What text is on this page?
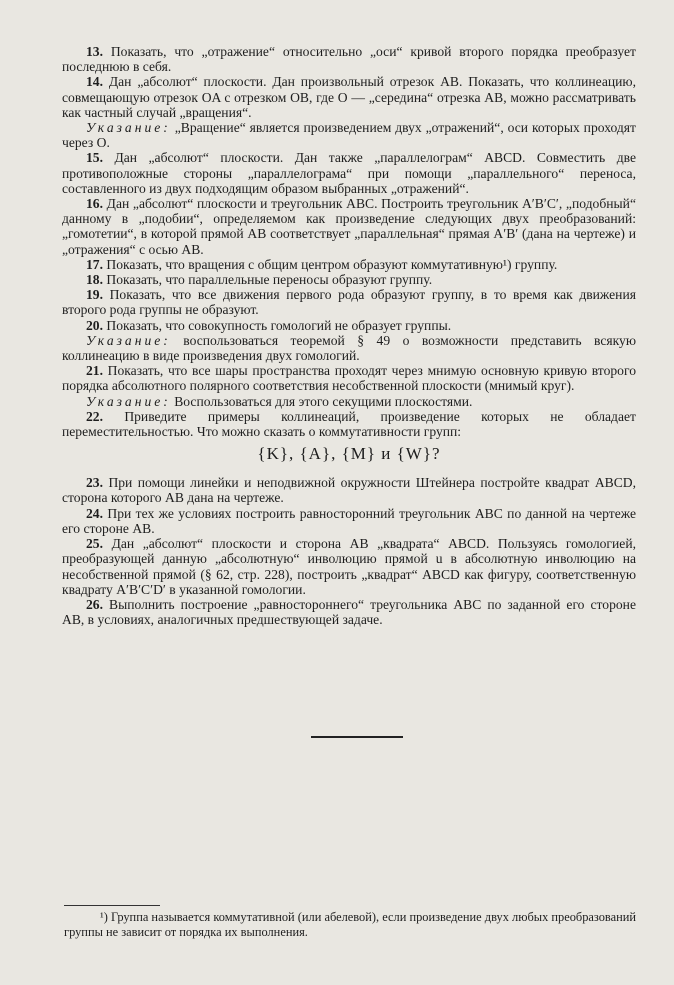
13. Показать, что „отражение“ относительно „оси“ кривой второго порядка преобразует последнюю в себя.

14. Дан „абсолют“ плоскости. Дан произвольный отрезок AB. Показать, что коллинеацию, совмещающую отрезок OA с отрезком OB, где O — „середина“ отрезка AB, можно рассматривать как частный случай „вращения“.

Указание: „Вращение“ является произведением двух „отражений“, оси которых проходят через O.

15. Дан „абсолют“ плоскости. Дан также „параллелограм“ ABCD. Совместить две противоположные стороны „параллелограма“ при помощи „параллельного“ переноса, составленного из двух подходящим образом выбранных „отражений“.

16. Дан „абсолют“ плоскости и треугольник ABC. Построить треугольник A′B′C′, „подобный“ данному в „подобии“, определяемом как произведение следующих двух преобразований: „гомотетии“, в которой прямой AB соответствует „параллельная“ прямая A′B′ (дана на чертеже) и „отражения“ с осью AB.

17. Показать, что вращения с общим центром образуют коммутативную¹) группу.

18. Показать, что параллельные переносы образуют группу.

19. Показать, что все движения первого рода образуют группу, в то время как движения второго рода группы не образуют.

20. Показать, что совокупность гомологий не образует группы.

Указание: воспользоваться теоремой § 49 о возможности представить всякую коллинеацию в виде произведения двух гомологий.

21. Показать, что все шары пространства проходят через мнимую основную кривую второго порядка абсолютного полярного соответствия несобственной плоскости (мнимый круг).

Указание: Воспользоваться для этого секущими плоскостями.

22. Приведите примеры коллинеаций, произведение которых не обладает переместительностью. Что можно сказать о коммутативности групп:

{K}, {A}, {M} и {W}?

23. При помощи линейки и неподвижной окружности Штейнера постройте квадрат ABCD, сторона которого AB дана на чертеже.

24. При тех же условиях построить равносторонний треугольник ABC по данной на чертеже его стороне AB.

25. Дан „абсолют“ плоскости и сторона AB „квадрата“ ABCD. Пользуясь гомологией, преобразующей данную „абсолютную“ инволюцию прямой u в абсолютную инволюцию на несобственной прямой (§ 62, стр. 228), построить „квадрат“ ABCD как фигуру, соответственную квадрату A′B′C′D′ в указанной гомологии.

26. Выполнить построение „равностороннего“ треугольника ABC по заданной его стороне AB, в условиях, аналогичных предшествующей задаче.

¹) Группа называется коммутативной (или абелевой), если произведение двух любых преобразований группы не зависит от порядка их выполнения.
